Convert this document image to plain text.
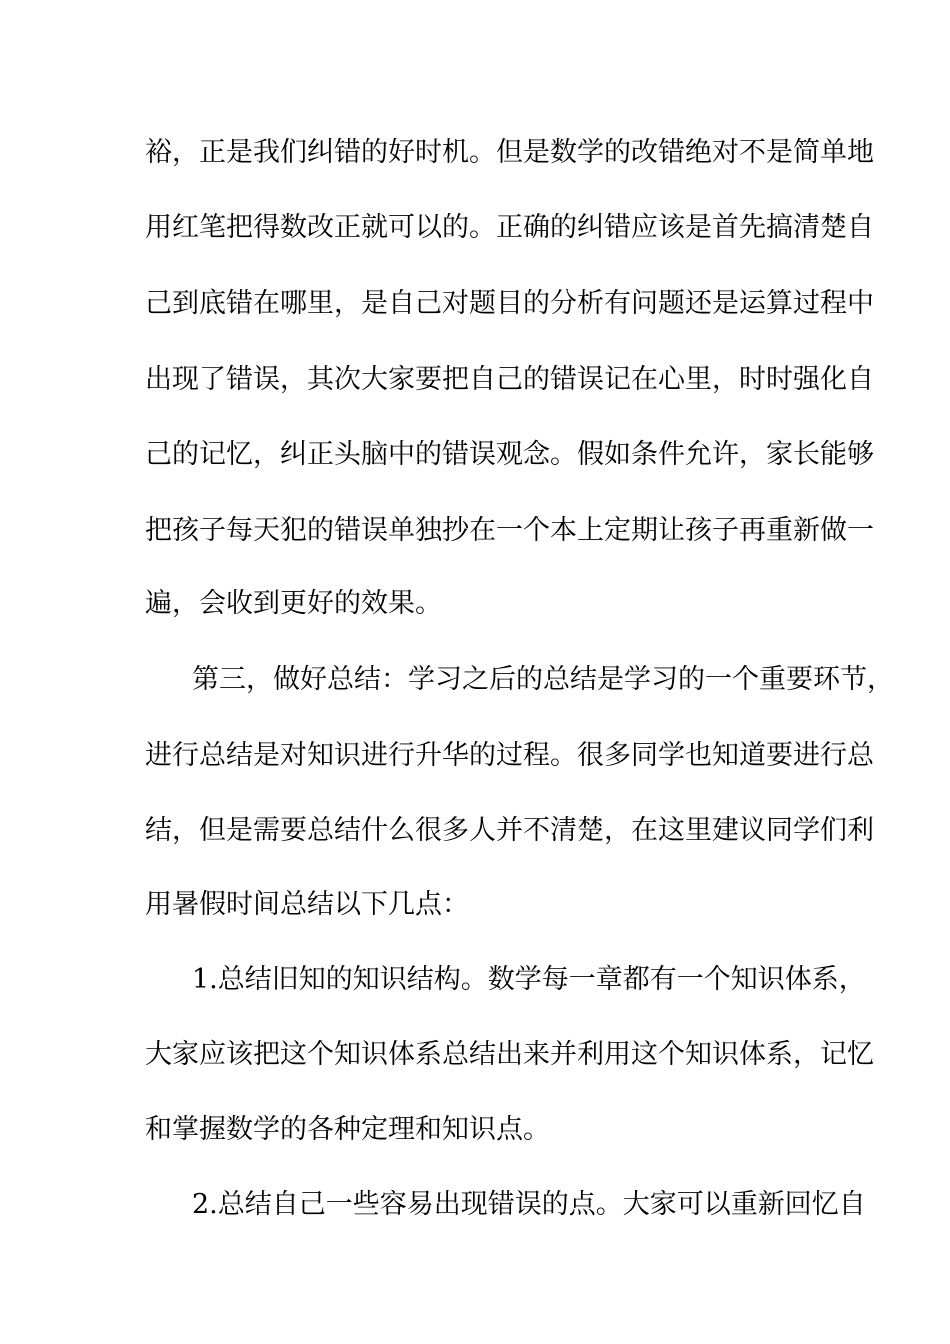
裕，正是我们纠错的好时机。但是数学的改错绝对不是简单地
用红笔把得数改正就可以的。正确的纠错应该是首先搞清楚自
己到底错在哪里，是自己对题目的分析有问题还是运算过程中
出现了错误，其次大家要把自己的错误记在心里，时时强化自
己的记忆，纠正头脑中的错误观念。假如条件允许，家长能够
把孩子每天犯的错误单独抄在一个本上定期让孩子再重新做一
遍，会收到更好的效果。
第三，做好总结：学习之后的总结是学习的一个重要环节，
进行总结是对知识进行升华的过程。很多同学也知道要进行总
结，但是需要总结什么很多人并不清楚，在这里建议同学们利
用暑假时间总结以下几点：
1.总结旧知的知识结构。数学每一章都有一个知识体系，
大家应该把这个知识体系总结出来并利用这个知识体系，记忆
和掌握数学的各种定理和知识点。
2.总结自己一些容易出现错误的点。大家可以重新回忆自
